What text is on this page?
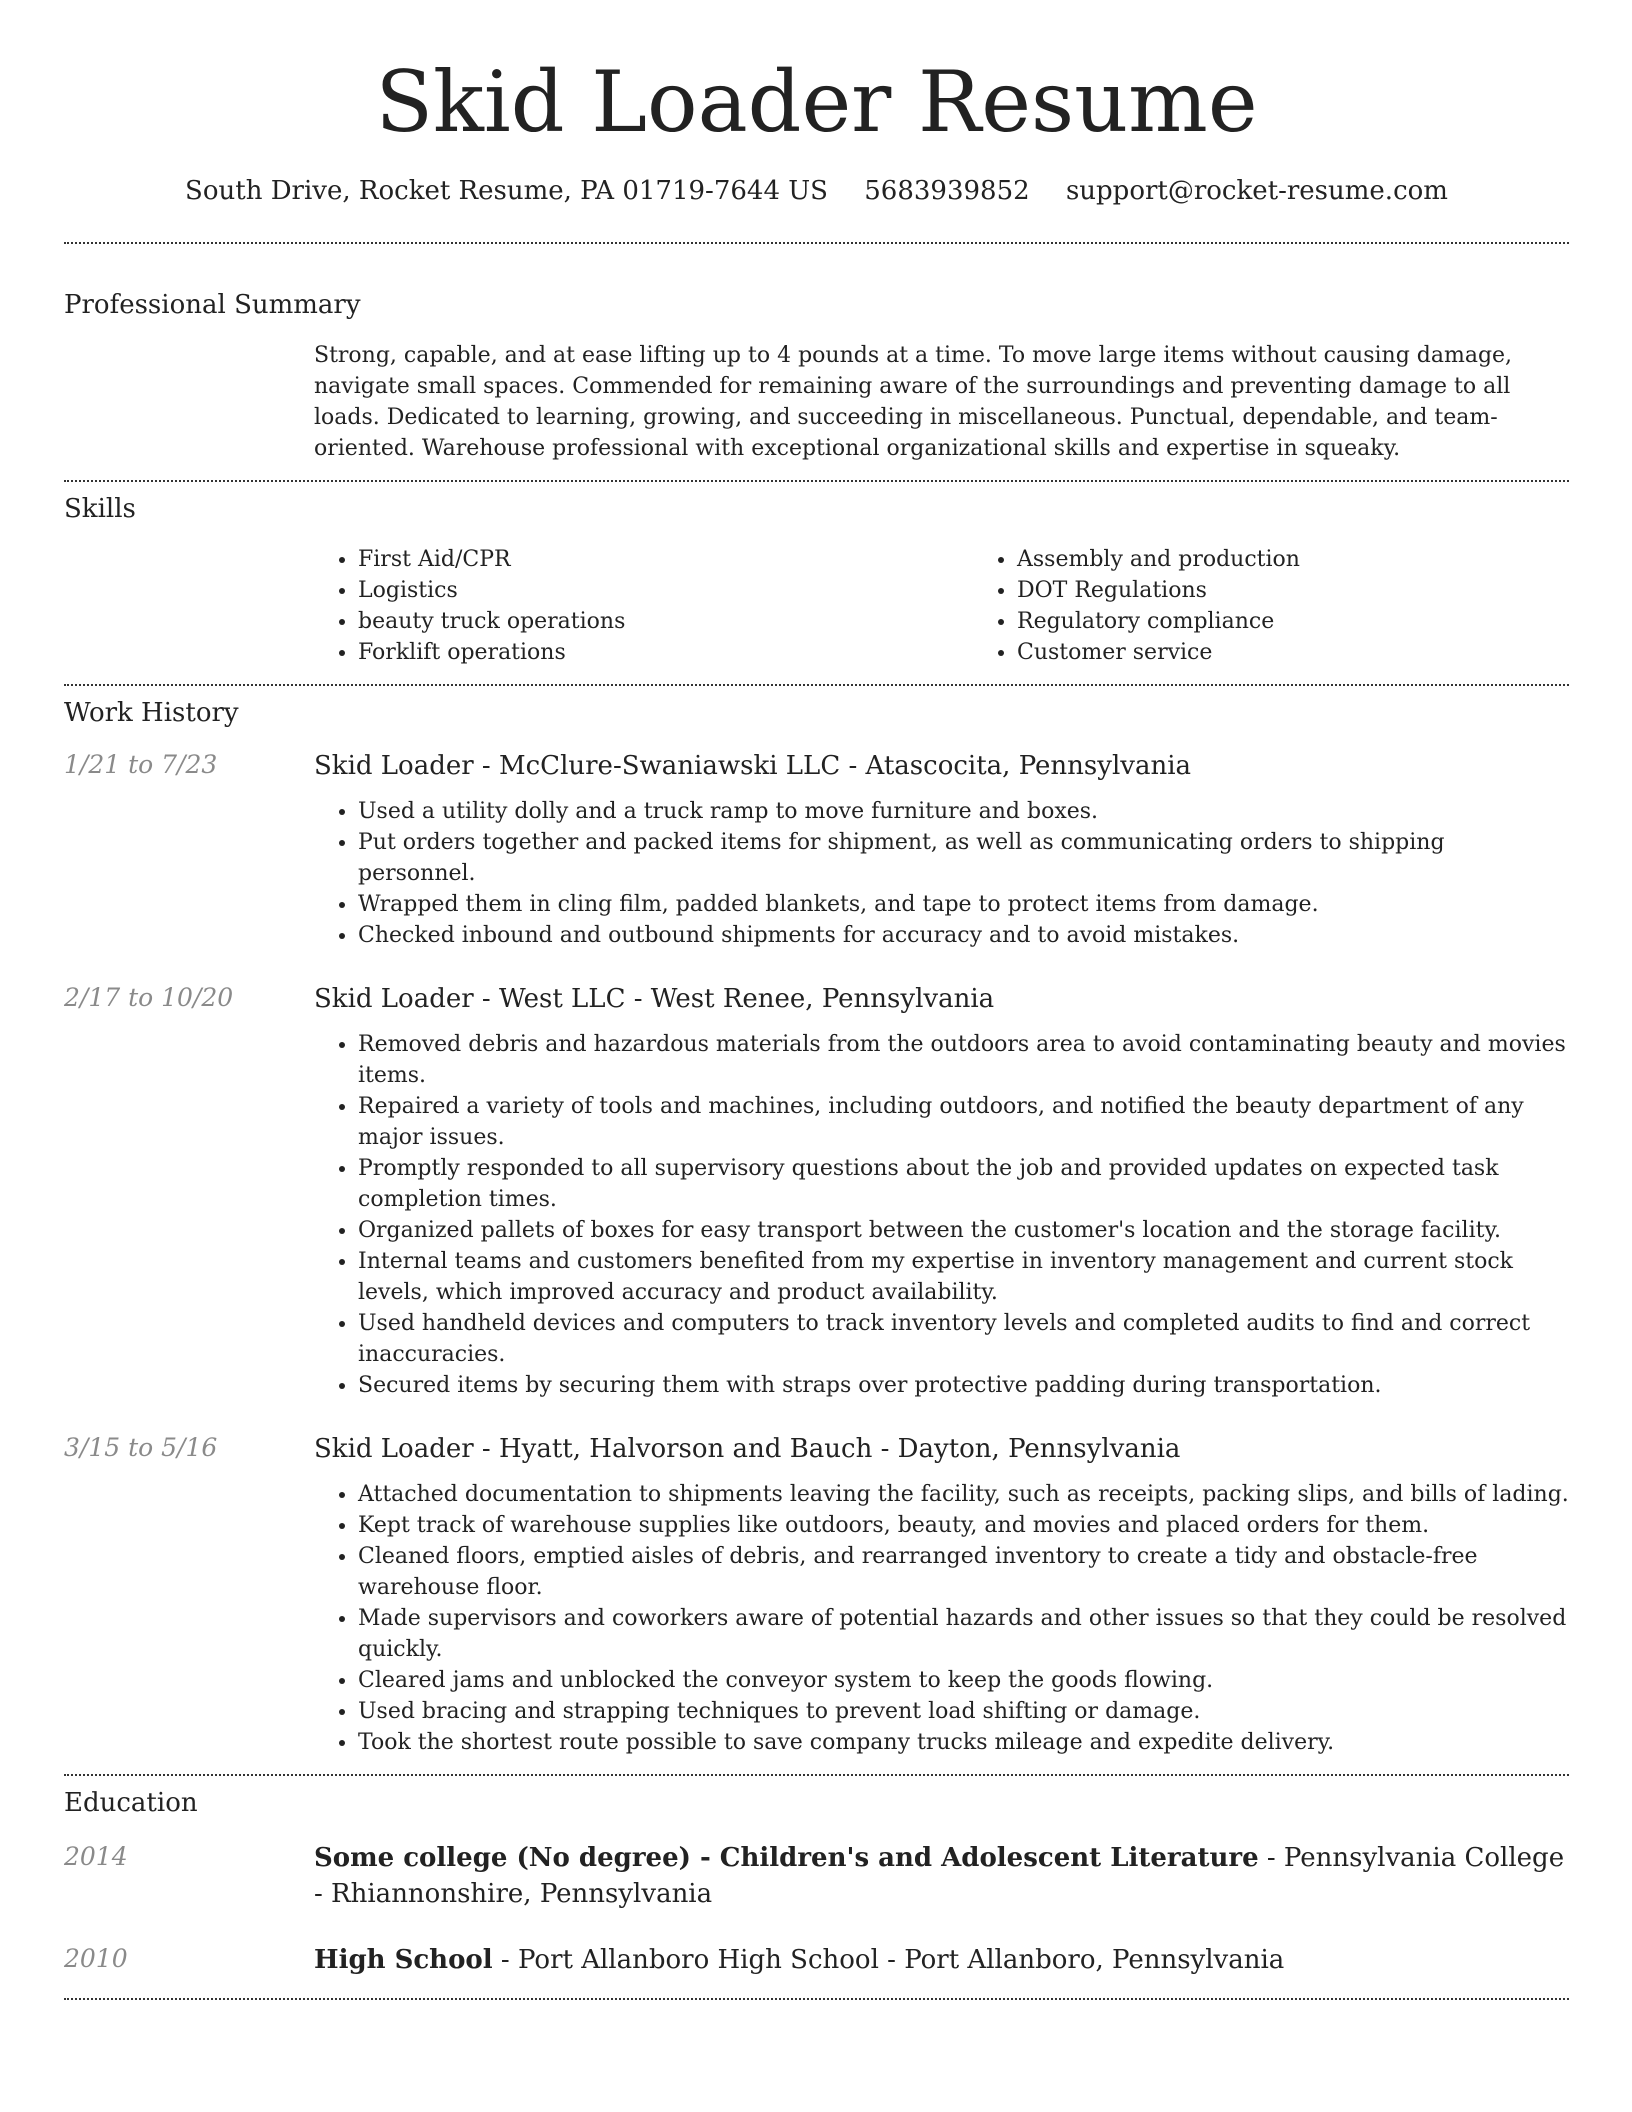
Skid Loader Resume
South Drive, Rocket Resume, PA 01719-7644 US 5683939852 support@rocket-resume.com
Professional Summary
Strong, capable, and at ease lifting up to 4 pounds at a time. To move large items without causing damage, navigate small spaces. Commended for remaining aware of the surroundings and preventing damage to all loads. Dedicated to learning, growing, and succeeding in miscellaneous. Punctual, dependable, and team-oriented. Warehouse professional with exceptional organizational skills and expertise in squeaky.
Skills
• First Aid/CPR
• Logistics
• beauty truck operations
• Forklift operations
• Assembly and production
• DOT Regulations
• Regulatory compliance
• Customer service
Work History
1/21 to 7/23	Skid Loader - McClure-Swaniawski LLC - Atascocita, Pennsylvania
• Used a utility dolly and a truck ramp to move furniture and boxes.
• Put orders together and packed items for shipment, as well as communicating orders to shipping personnel.
• Wrapped them in cling film, padded blankets, and tape to protect items from damage.
• Checked inbound and outbound shipments for accuracy and to avoid mistakes.
2/17 to 10/20	Skid Loader - West LLC - West Renee, Pennsylvania
• Removed debris and hazardous materials from the outdoors area to avoid contaminating beauty and movies items.
• Repaired a variety of tools and machines, including outdoors, and notified the beauty department of any major issues.
• Promptly responded to all supervisory questions about the job and provided updates on expected task completion times.
• Organized pallets of boxes for easy transport between the customer's location and the storage facility.
• Internal teams and customers benefited from my expertise in inventory management and current stock levels, which improved accuracy and product availability.
• Used handheld devices and computers to track inventory levels and completed audits to find and correct inaccuracies.
• Secured items by securing them with straps over protective padding during transportation.
3/15 to 5/16	Skid Loader - Hyatt, Halvorson and Bauch - Dayton, Pennsylvania
• Attached documentation to shipments leaving the facility, such as receipts, packing slips, and bills of lading.
• Kept track of warehouse supplies like outdoors, beauty, and movies and placed orders for them.
• Cleaned floors, emptied aisles of debris, and rearranged inventory to create a tidy and obstacle-free warehouse floor.
• Made supervisors and coworkers aware of potential hazards and other issues so that they could be resolved quickly.
• Cleared jams and unblocked the conveyor system to keep the goods flowing.
• Used bracing and strapping techniques to prevent load shifting or damage.
• Took the shortest route possible to save company trucks mileage and expedite delivery.
Education
2014	Some college (No degree) - Children's and Adolescent Literature - Pennsylvania College - Rhiannonshire, Pennsylvania
2010	High School - Port Allanboro High School - Port Allanboro, Pennsylvania
